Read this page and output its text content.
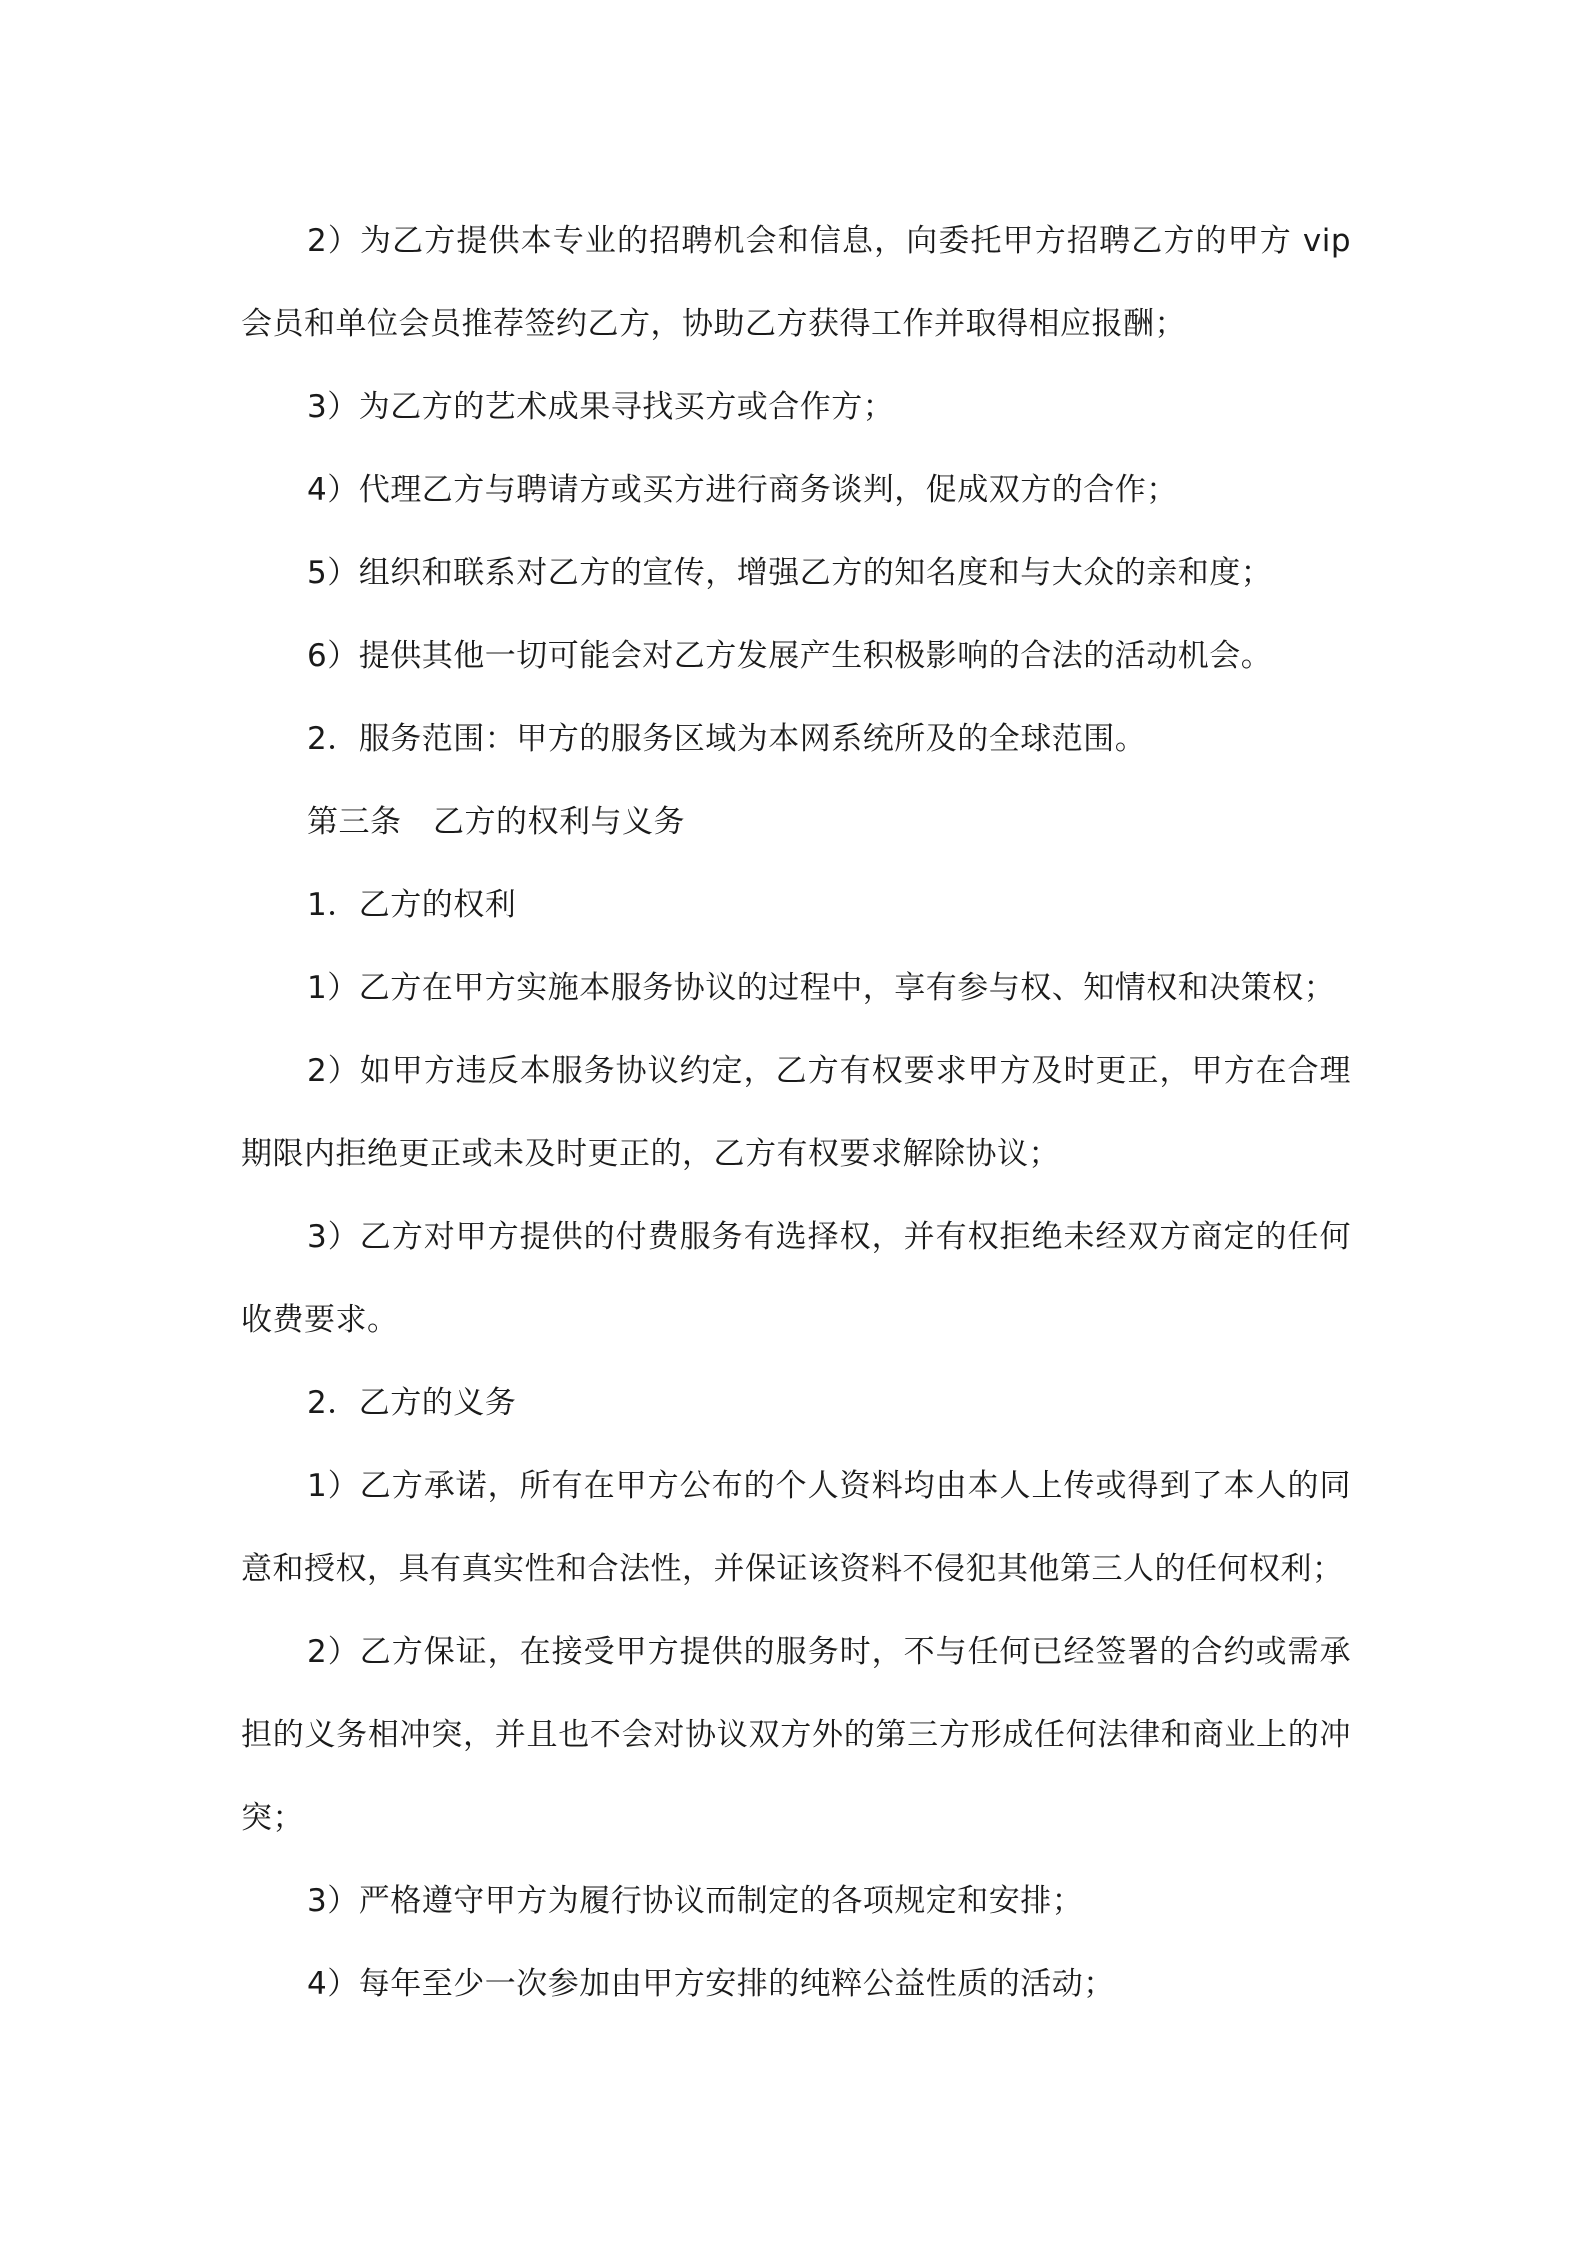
2）为乙方提供本专业的招聘机会和信息，向委托甲方招聘乙方的甲方 vip 会员和单位会员推荐签约乙方，协助乙方获得工作并取得相应报酬；

3）为乙方的艺术成果寻找买方或合作方；

4）代理乙方与聘请方或买方进行商务谈判，促成双方的合作；

5）组织和联系对乙方的宣传，增强乙方的知名度和与大众的亲和度；

6）提供其他一切可能会对乙方发展产生积极影响的合法的活动机会。

2．服务范围：甲方的服务区域为本网系统所及的全球范围。

第三条　乙方的权利与义务

1．乙方的权利

1）乙方在甲方实施本服务协议的过程中，享有参与权、知情权和决策权；

2）如甲方违反本服务协议约定，乙方有权要求甲方及时更正，甲方在合理期限内拒绝更正或未及时更正的，乙方有权要求解除协议；

3）乙方对甲方提供的付费服务有选择权，并有权拒绝未经双方商定的任何收费要求。

2．乙方的义务

1）乙方承诺，所有在甲方公布的个人资料均由本人上传或得到了本人的同意和授权，具有真实性和合法性，并保证该资料不侵犯其他第三人的任何权利；

2）乙方保证，在接受甲方提供的服务时，不与任何已经签署的合约或需承担的义务相冲突，并且也不会对协议双方外的第三方形成任何法律和商业上的冲突；

3）严格遵守甲方为履行协议而制定的各项规定和安排；

4）每年至少一次参加由甲方安排的纯粹公益性质的活动；
